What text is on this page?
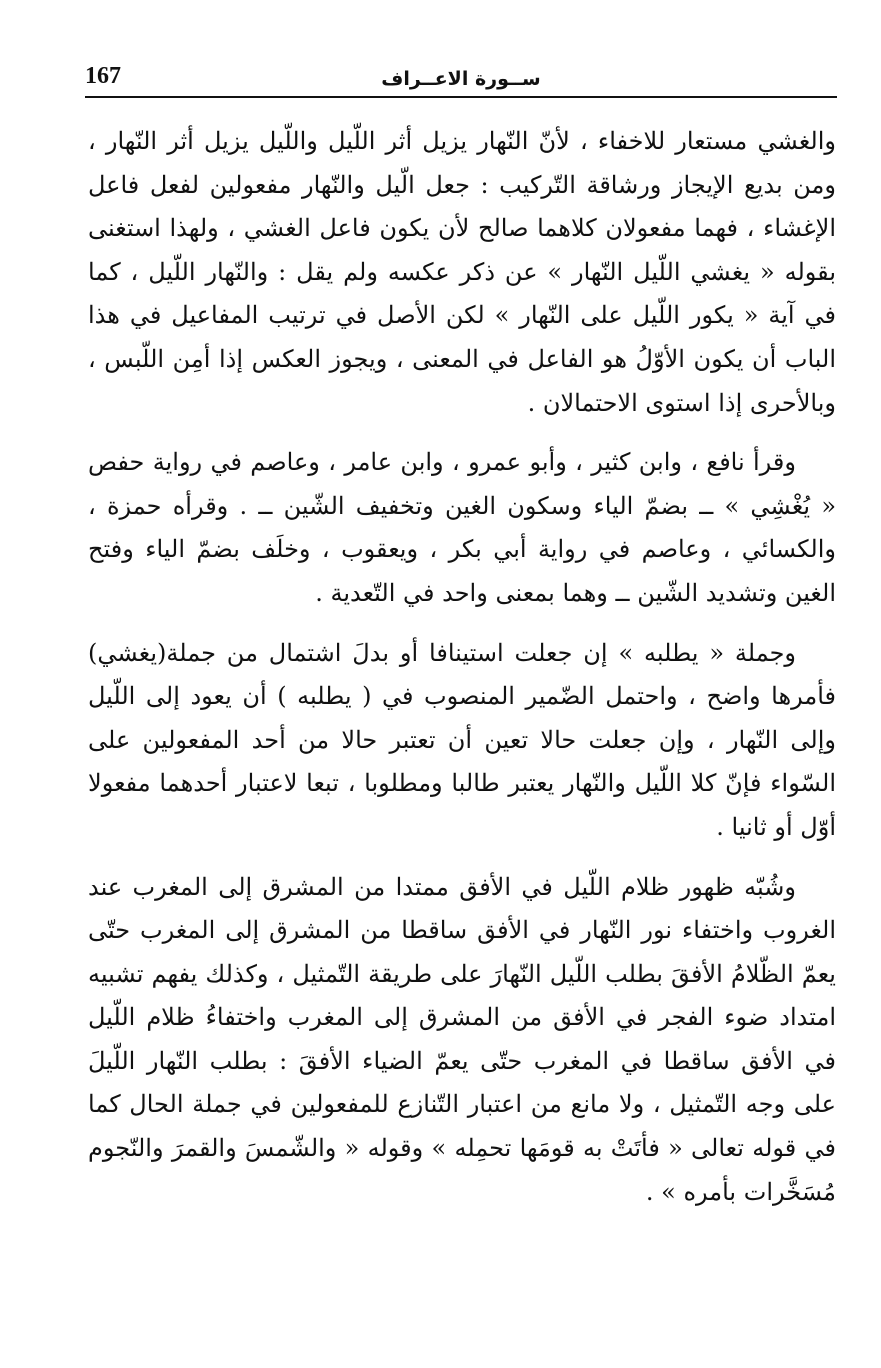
167	ســورة الاعــراف

والغشي مستعار للاخفاء ، لأنّ النّهار يزيل أثر اللّيل واللّيل يزيل أثر النّهار ، ومن بديع الإيجاز ورشاقة التّركيب : جعل الّيل والنّهار مفعولين لفعل فاعل الإغشاء ، فهما مفعولان كلاهما صالح لأن يكون فاعل الغشي ، ولهذا استغنى بقوله « يغشي اللّيل النّهار » عن ذكر عكسه ولم يقل : والنّهار اللّيل ، كما في آية « يكور اللّيل على النّهار » لكن الأصل في ترتيب المفاعيل في هذا الباب أن يكون الأوّلُ هو الفاعل في المعنى ، ويجوز العكس إذا أمِن اللّبس ، وبالأحرى إذا استوى الاحتمالان .

وقرأ نافع ، وابن كثير ، وأبو عمرو ، وابن عامر ، وعاصم في رواية حفص « يُغْشِي » ــ بضمّ الياء وسكون الغين وتخفيف الشّين ــ . وقرأه حمزة ، والكسائي ، وعاصم في رواية أبي بكر ، ويعقوب ، وخلَف بضمّ الياء وفتح الغين وتشديد الشّين ــ وهما بمعنى واحد في التّعدية .

وجملة « يطلبه » إن جعلت استينافا أو بدلَ اشتمال من جملة(يغشي) فأمرها واضح ، واحتمل الضّمير المنصوب في ( يطلبه ) أن يعود إلى اللّيل وإلى النّهار ، وإن جعلت حالا تعين أن تعتبر حالا من أحد المفعولين على السّواء فإنّ كلا اللّيل والنّهار يعتبر طالبا ومطلوبا ، تبعا لاعتبار أحدهما مفعولا أوّل أو ثانيا .

وشُبّه ظهور ظلام اللّيل في الأفق ممتدا من المشرق إلى المغرب عند الغروب واختفاء نور النّهار في الأفق ساقطا من المشرق إلى المغرب حتّى يعمّ الظّلامُ الأفقَ بطلب اللّيل النّهارَ على طريقة التّمثيل ، وكذلك يفهم تشبيه امتداد ضوء الفجر في الأفق من المشرق إلى المغرب واختفاءُ ظلام اللّيل في الأفق ساقطا في المغرب حتّى يعمّ الضياء الأفقَ : بطلب النّهار اللّيلَ على وجه التّمثيل ، ولا مانع من اعتبار التّنازع للمفعولين في جملة الحال كما في قوله تعالى « فأتَتْ به قومَها تحمِله » وقوله « والشّمسَ والقمرَ والنّجوم مُسَخَّرات بأمره » .
